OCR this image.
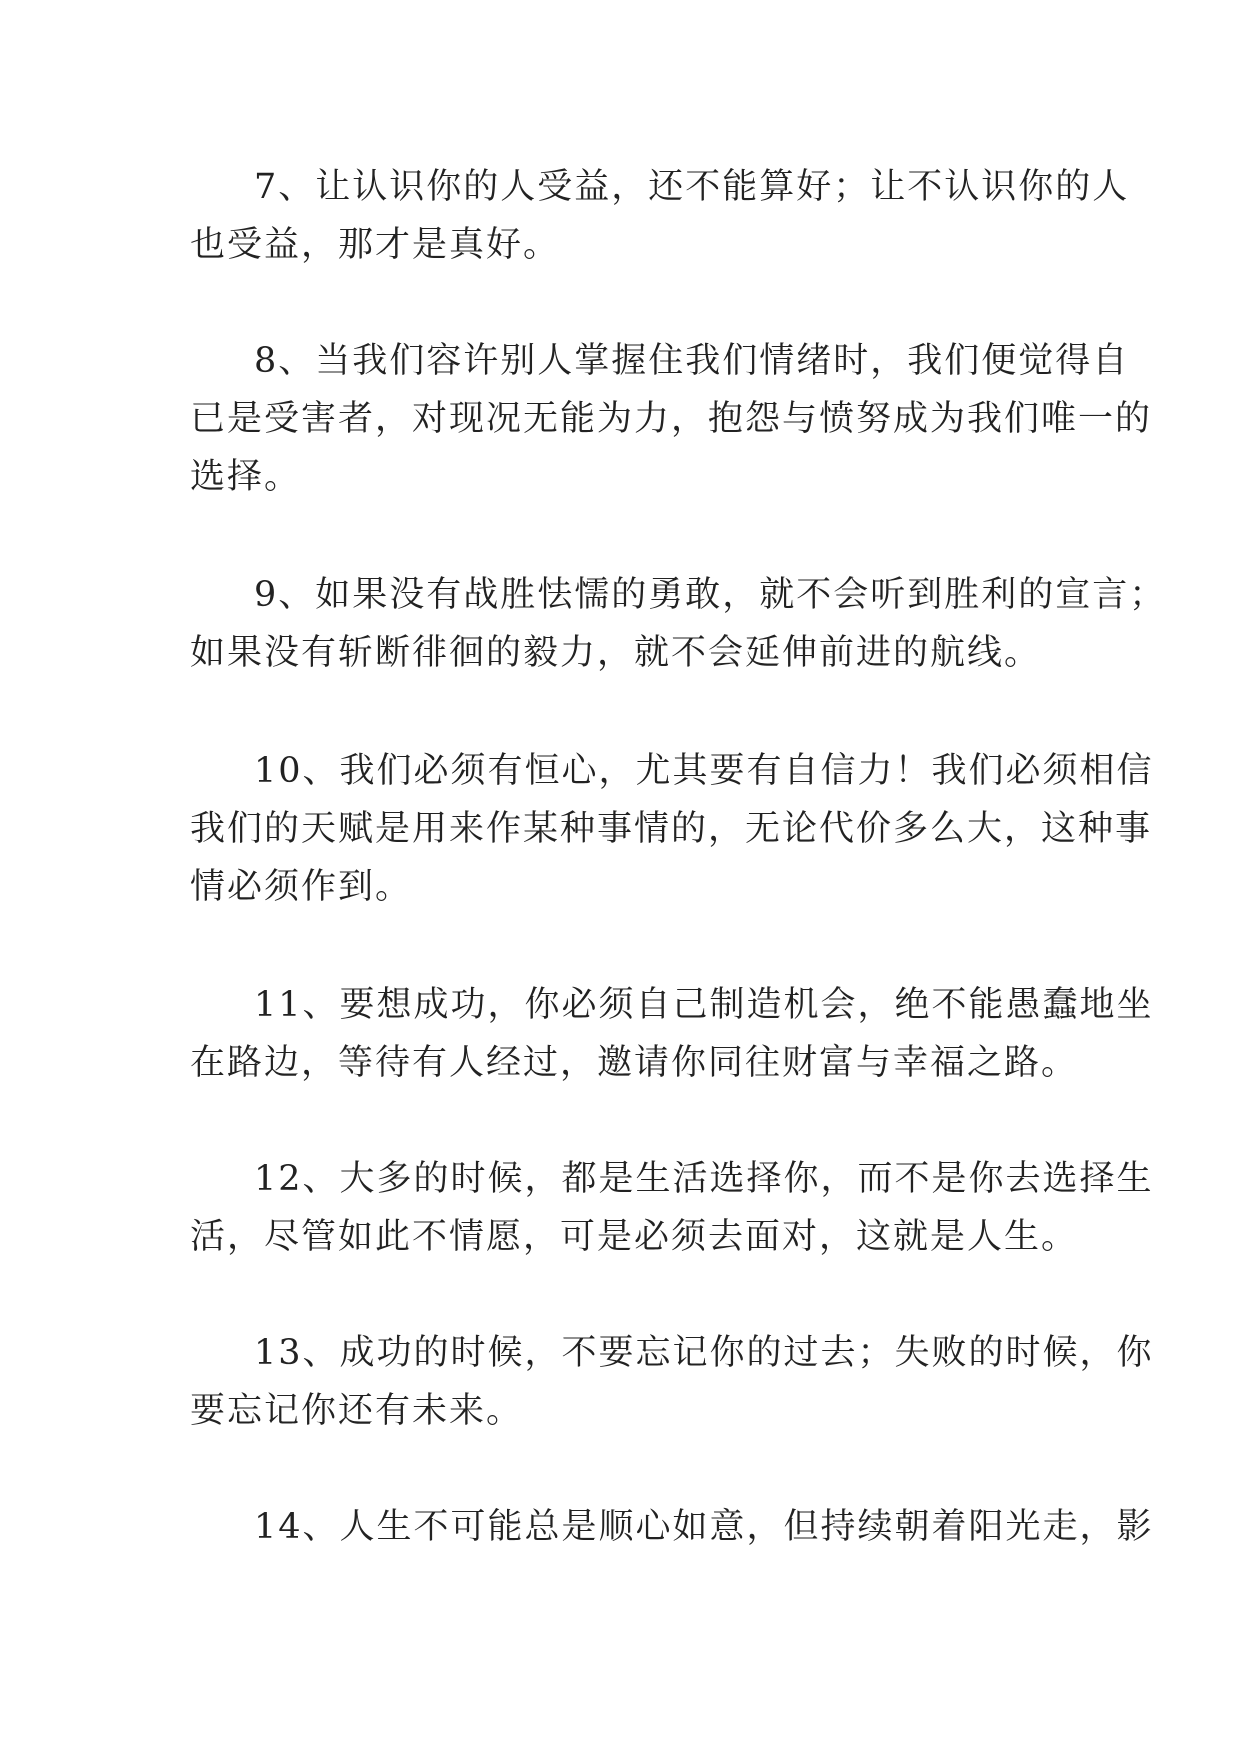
7、让认识你的人受益，还不能算好；让不认识你的人
也受益，那才是真好。

8、当我们容许别人掌握住我们情绪时，我们便觉得自
已是受害者，对现况无能为力，抱怨与愤努成为我们唯一的
选择。

9、如果没有战胜怯懦的勇敢，就不会听到胜利的宣言；
如果没有斩断徘徊的毅力，就不会延伸前进的航线。

10、我们必须有恒心，尤其要有自信力！我们必须相信
我们的天赋是用来作某种事情的，无论代价多么大，这种事
情必须作到。

11、要想成功，你必须自己制造机会，绝不能愚蠢地坐
在路边，等待有人经过，邀请你同往财富与幸福之路。

12、大多的时候，都是生活选择你，而不是你去选择生
活，尽管如此不情愿，可是必须去面对，这就是人生。

13、成功的时候，不要忘记你的过去；失败的时候，你
要忘记你还有未来。

14、人生不可能总是顺心如意，但持续朝着阳光走，影
